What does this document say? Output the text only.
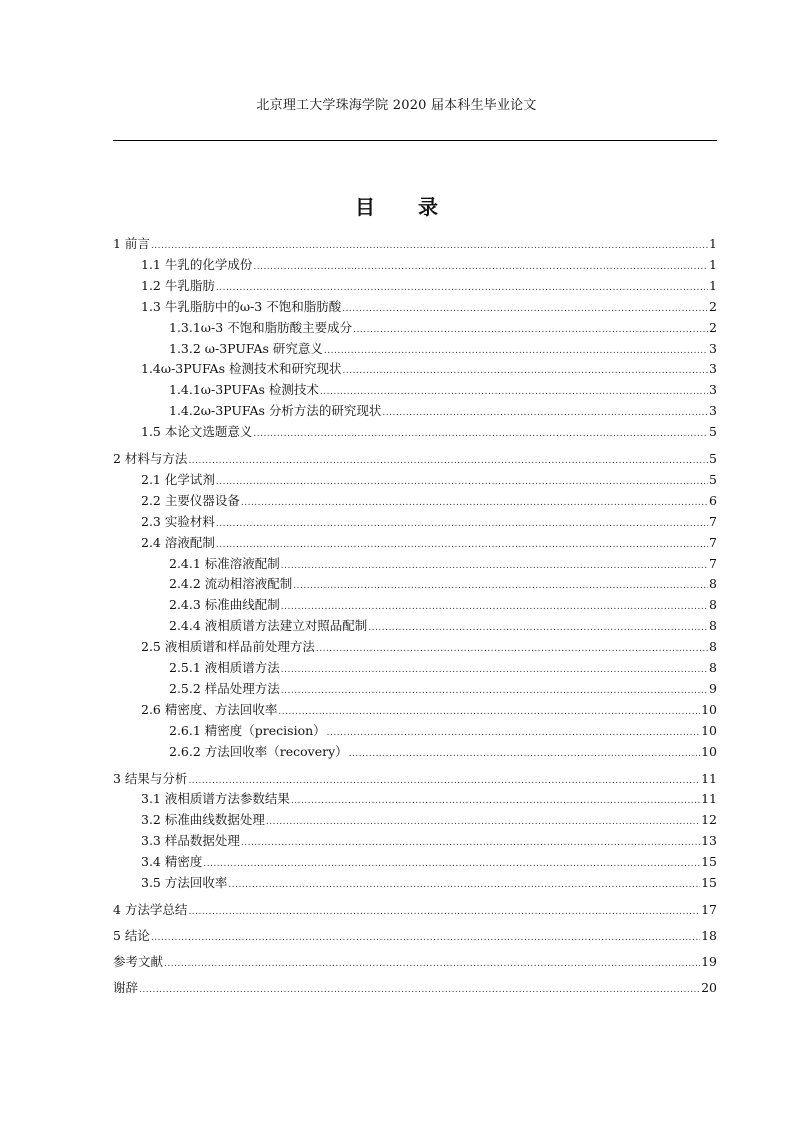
北京理工大学珠海学院 2020 届本科生毕业论文
目 录
1 前言 .....	1
1.1 牛乳的化学成份 .....	1
1.2 牛乳脂肪 .....	1
1.3 牛乳脂肪中的ω-3 不饱和脂肪酸 .....	2
1.3.1ω-3 不饱和脂肪酸主要成分 .....	2
1.3.2 ω-3PUFAs 研究意义 .....	3
1.4ω-3PUFAs 检测技术和研究现状 .....	3
1.4.1ω-3PUFAs 检测技术 .....	3
1.4.2ω-3PUFAs 分析方法的研究现状 .....	3
1.5 本论文选题意义 .....	5
2 材料与方法 .....	5
2.1 化学试剂 .....	5
2.2 主要仪器设备 .....	6
2.3 实验材料 .....	7
2.4 溶液配制 .....	7
2.4.1 标准溶液配制 .....	7
2.4.2 流动相溶液配制 .....	8
2.4.3 标准曲线配制 .....	8
2.4.4 液相质谱方法建立对照品配制 .....	8
2.5 液相质谱和样品前处理方法 .....	8
2.5.1 液相质谱方法 .....	8
2.5.2 样品处理方法 .....	9
2.6 精密度、方法回收率 .....	10
2.6.1 精密度（precision） .....	10
2.6.2 方法回收率（recovery） .....	10
3 结果与分析 .....	11
3.1 液相质谱方法参数结果 .....	11
3.2 标准曲线数据处理 .....	12
3.3 样品数据处理 .....	13
3.4 精密度 .....	15
3.5 方法回收率 .....	15
4 方法学总结 .....	17
5 结论 .....	18
参考文献 .....	19
谢辞 .....	20
